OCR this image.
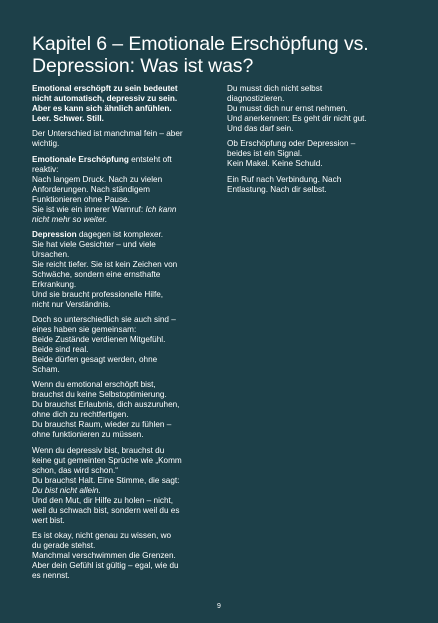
Kapitel 6 – Emotionale Erschöpfung vs.
Depression: Was ist was?
Emotional erschöpft zu sein bedeutet
nicht automatisch, depressiv zu sein.
Aber es kann sich ähnlich anfühlen.
Leer. Schwer. Still.
Der Unterschied ist manchmal fein – aber
wichtig.
Emotionale Erschöpfung entsteht oft
reaktiv:
Nach langem Druck. Nach zu vielen
Anforderungen. Nach ständigem
Funktionieren ohne Pause.
Sie ist wie ein innerer Warnruf: Ich kann
nicht mehr so weiter.
Depression dagegen ist komplexer.
Sie hat viele Gesichter – und viele
Ursachen.
Sie reicht tiefer. Sie ist kein Zeichen von
Schwäche, sondern eine ernsthafte
Erkrankung.
Und sie braucht professionelle Hilfe,
nicht nur Verständnis.
Doch so unterschiedlich sie auch sind –
eines haben sie gemeinsam:
Beide Zustände verdienen Mitgefühl.
Beide sind real.
Beide dürfen gesagt werden, ohne
Scham.
Wenn du emotional erschöpft bist,
brauchst du keine Selbstoptimierung.
Du brauchst Erlaubnis, dich auszuruhen,
ohne dich zu rechtfertigen.
Du brauchst Raum, wieder zu fühlen –
ohne funktionieren zu müssen.
Wenn du depressiv bist, brauchst du
keine gut gemeinten Sprüche wie „Komm
schon, das wird schon.“
Du brauchst Halt. Eine Stimme, die sagt:
Du bist nicht allein.
Und den Mut, dir Hilfe zu holen – nicht,
weil du schwach bist, sondern weil du es
wert bist.
Es ist okay, nicht genau zu wissen, wo
du gerade stehst.
Manchmal verschwimmen die Grenzen.
Aber dein Gefühl ist gültig – egal, wie du
es nennst.
Du musst dich nicht selbst
diagnostizieren.
Du musst dich nur ernst nehmen.
Und anerkennen: Es geht dir nicht gut.
Und das darf sein.
Ob Erschöpfung oder Depression –
beides ist ein Signal.
Kein Makel. Keine Schuld.
Ein Ruf nach Verbindung. Nach
Entlastung. Nach dir selbst.
9
